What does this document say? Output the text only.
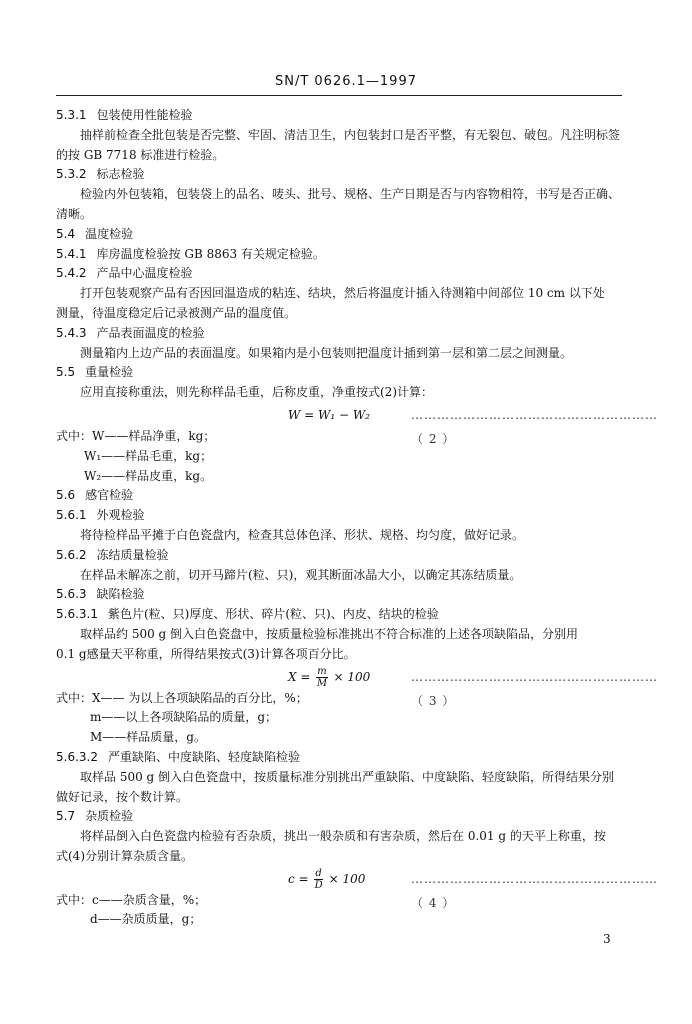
SN/T 0626.1—1997
5.3.1 包装使用性能检验
抽样前检查全批包装是否完整、牢固、清洁卫生，内包装封口是否平整，有无裂包、破包。凡注明标签
的按 GB 7718 标准进行检验。
5.3.2 标志检验
检验内外包装箱，包装袋上的品名、唛头、批号、规格、生产日期是否与内容物相符，书写是否正确、
清晰。
5.4 温度检验
5.4.1 库房温度检验按 GB 8863 有关规定检验。
5.4.2 产品中心温度检验
打开包装观察产品有否因回温造成的粘连、结块，然后将温度计插入待测箱中间部位 10 cm 以下处
测量，待温度稳定后记录被测产品的温度值。
5.4.3 产品表面温度的检验
测量箱内上边产品的表面温度。如果箱内是小包装则把温度计插到第一层和第二层之间测量。
5.5 重量检验
应用直接称重法，则先称样品毛重，后称皮重，净重按式(2)计算：
W = W₁ − W₂	…………………………………………………（ 2 ）
式中：W——样品净重，kg；
W₁——样品毛重，kg；
W₂——样品皮重，kg。
5.6 感官检验
5.6.1 外观检验
将待检样品平摊于白色瓷盘内，检查其总体色泽、形状、规格、均匀度，做好记录。
5.6.2 冻结质量检验
在样品未解冻之前，切开马蹄片(粒、只)，观其断面冰晶大小，以确定其冻结质量。
5.6.3 缺陷检验
5.6.3.1 紫色片(粒、只)厚度、形状、碎片(粒、只)、内皮、结块的检验
取样品约 500 g 倒入白色瓷盘中，按质量检验标准挑出不符合标准的上述各项缺陷品，分别用
0.1 g感量天平称重，所得结果按式(3)计算各项百分比。
$X = \frac{m}{M} \times 100$	…………………………………………………（ 3 ）
式中：X—— 为以上各项缺陷品的百分比，%；
m——以上各项缺陷品的质量，g；
M——样品质量，g。
5.6.3.2 严重缺陷、中度缺陷、轻度缺陷检验
取样品 500 g 倒入白色瓷盘中，按质量标准分别挑出严重缺陷、中度缺陷、轻度缺陷，所得结果分别
做好记录，按个数计算。
5.7 杂质检验
将样品倒入白色瓷盘内检验有否杂质，挑出一般杂质和有害杂质，然后在 0.01 g 的天平上称重，按
式(4)分别计算杂质含量。
$c = \frac{d}{D} \times 100$	…………………………………………………（ 4 ）
式中：c——杂质含量，%；
d——杂质质量，g；
3
